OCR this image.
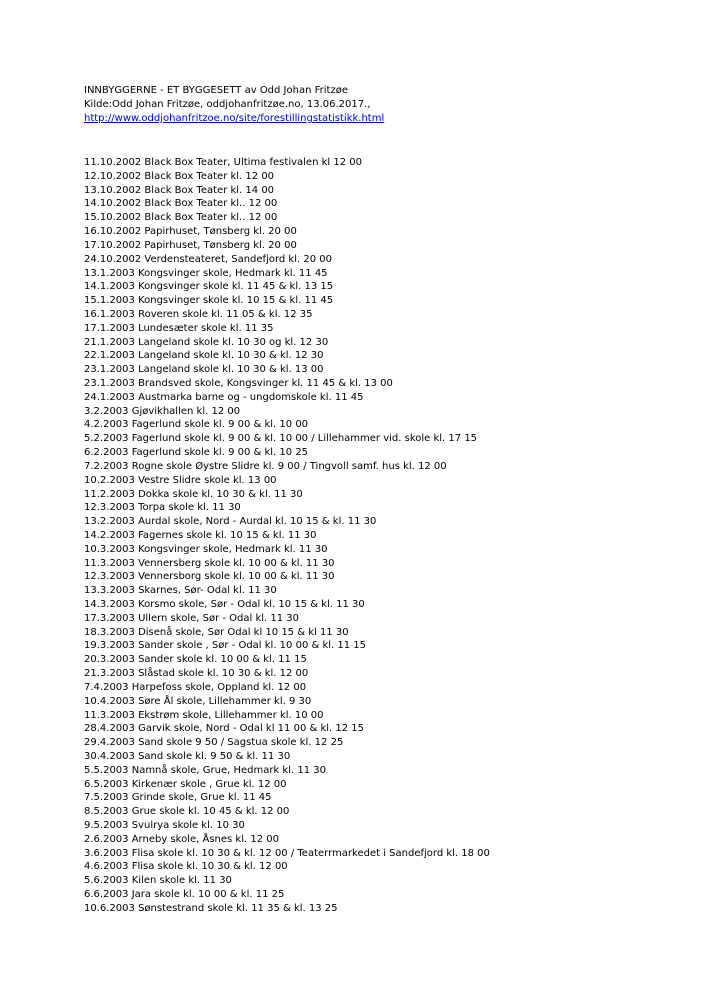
INNBYGGERNE - ET BYGGESETT av Odd Johan Fritzøe
Kilde:Odd Johan Fritzøe, oddjohanfritzøe.no, 13.06.2017.,
http://www.oddjohanfritzoe.no/site/forestillingstatistikk.html
11.10.2002 Black Box Teater, Ultima festivalen kl 12 00
12.10.2002 Black Box Teater kl. 12 00
13.10.2002 Black Box Teater kl. 14 00
14.10.2002 Black Box Teater kl.. 12 00
15.10.2002 Black Box Teater kl.. 12 00
16.10.2002 Papirhuset, Tønsberg kl. 20 00
17.10.2002 Papirhuset, Tønsberg kl. 20 00
24.10.2002 Verdensteateret, Sandefjord kl. 20 00
13.1.2003 Kongsvinger skole, Hedmark kl. 11 45
14.1.2003 Kongsvinger skole kl. 11 45 & kl. 13 15
15.1.2003 Kongsvinger skole kl. 10 15 & kl. 11 45
16.1.2003 Roveren skole kl. 11 05 & kl. 12 35
17.1.2003 Lundesæter skole kl. 11 35
21.1.2003 Langeland skole kl. 10 30 og kl. 12 30
22.1.2003 Langeland skole kl. 10 30 & kl. 12 30
23.1.2003 Langeland skole kl. 10 30 & kl. 13 00
23.1.2003 Brandsved skole, Kongsvinger kl. 11 45 & kl. 13 00
24.1.2003 Austmarka barne og - ungdomskole kl. 11 45
3.2.2003 Gjøvikhallen kl. 12 00
4.2.2003 Fagerlund skole kl. 9 00 & kl. 10 00
5.2.2003 Fagerlund skole kl. 9 00 & kl. 10 00 / Lillehammer vid. skole kl. 17 15
6.2.2003 Fagerlund skole kl. 9 00 & kl. 10 25
7.2.2003 Rogne skole Øystre Slidre kl. 9 00 / Tingvoll samf. hus kl. 12 00
10.2.2003 Vestre Slidre skole kl. 13 00
11.2.2003 Dokka skole kl. 10 30 & kl. 11 30
12.3.2003 Torpa skole kl. 11 30
13.2.2003 Aurdal skole, Nord - Aurdal kl. 10 15 & kl. 11 30
14.2.2003 Fagernes skole kl. 10 15 & kl. 11 30
10.3.2003 Kongsvinger skole, Hedmark kl. 11 30
11.3.2003 Vennersberg skole kl. 10 00 & kl. 11 30
12.3.2003 Vennersborg skole kl. 10 00 & kl. 11 30
13.3.2003 Skarnes, Sør- Odal kl. 11 30
14.3.2003 Korsmo skole, Sør - Odal kl. 10 15 & kl. 11 30
17.3.2003 Ullern skole, Sør - Odal kl. 11 30
18.3.2003 Disenå skole, Sør Odal kl 10 15 & kl 11 30
19.3.2003 Sander skole , Sør - Odal kl. 10 00 & kl. 11 15
20.3.2003 Sander skole kl. 10 00 & kl. 11 15
21.3.2003 Slåstad skole kl. 10 30 & kl. 12 00
7.4.2003 Harpefoss skole, Oppland kl. 12 00
10.4.2003 Søre Ål skole, Lillehammer kl. 9 30
11.3.2003 Ekstrøm skole, Lillehammer kl. 10 00
28.4.2003 Garvik skole, Nord - Odal kl 11 00 & kl. 12 15
29.4.2003 Sand skole 9 50 / Sagstua skole kl. 12 25
30.4.2003 Sand skole kl. 9 50 & kl. 11 30
5.5.2003 Namnå skole, Grue, Hedmark kl. 11 30
6.5.2003 Kirkenær skole , Grue kl. 12 00
7.5.2003 Grinde skole, Grue kl. 11 45
8.5.2003 Grue skole kl. 10 45 & kl. 12 00
9.5.2003 Svulrya skole kl. 10 30
2.6.2003 Arneby skole, Åsnes kl. 12 00
3.6.2003 Flisa skole kl. 10 30 & kl. 12 00 / Teaterrmarkedet i Sandefjord kl. 18 00
4.6.2003 Flisa skole kl. 10 30 & kl. 12 00
5.6.2003 Kilen skole kl. 11 30
6.6.2003 Jara skole kl. 10 00 & kl. 11 25
10.6.2003 Sønstestrand skole kl. 11 35 & kl. 13 25
